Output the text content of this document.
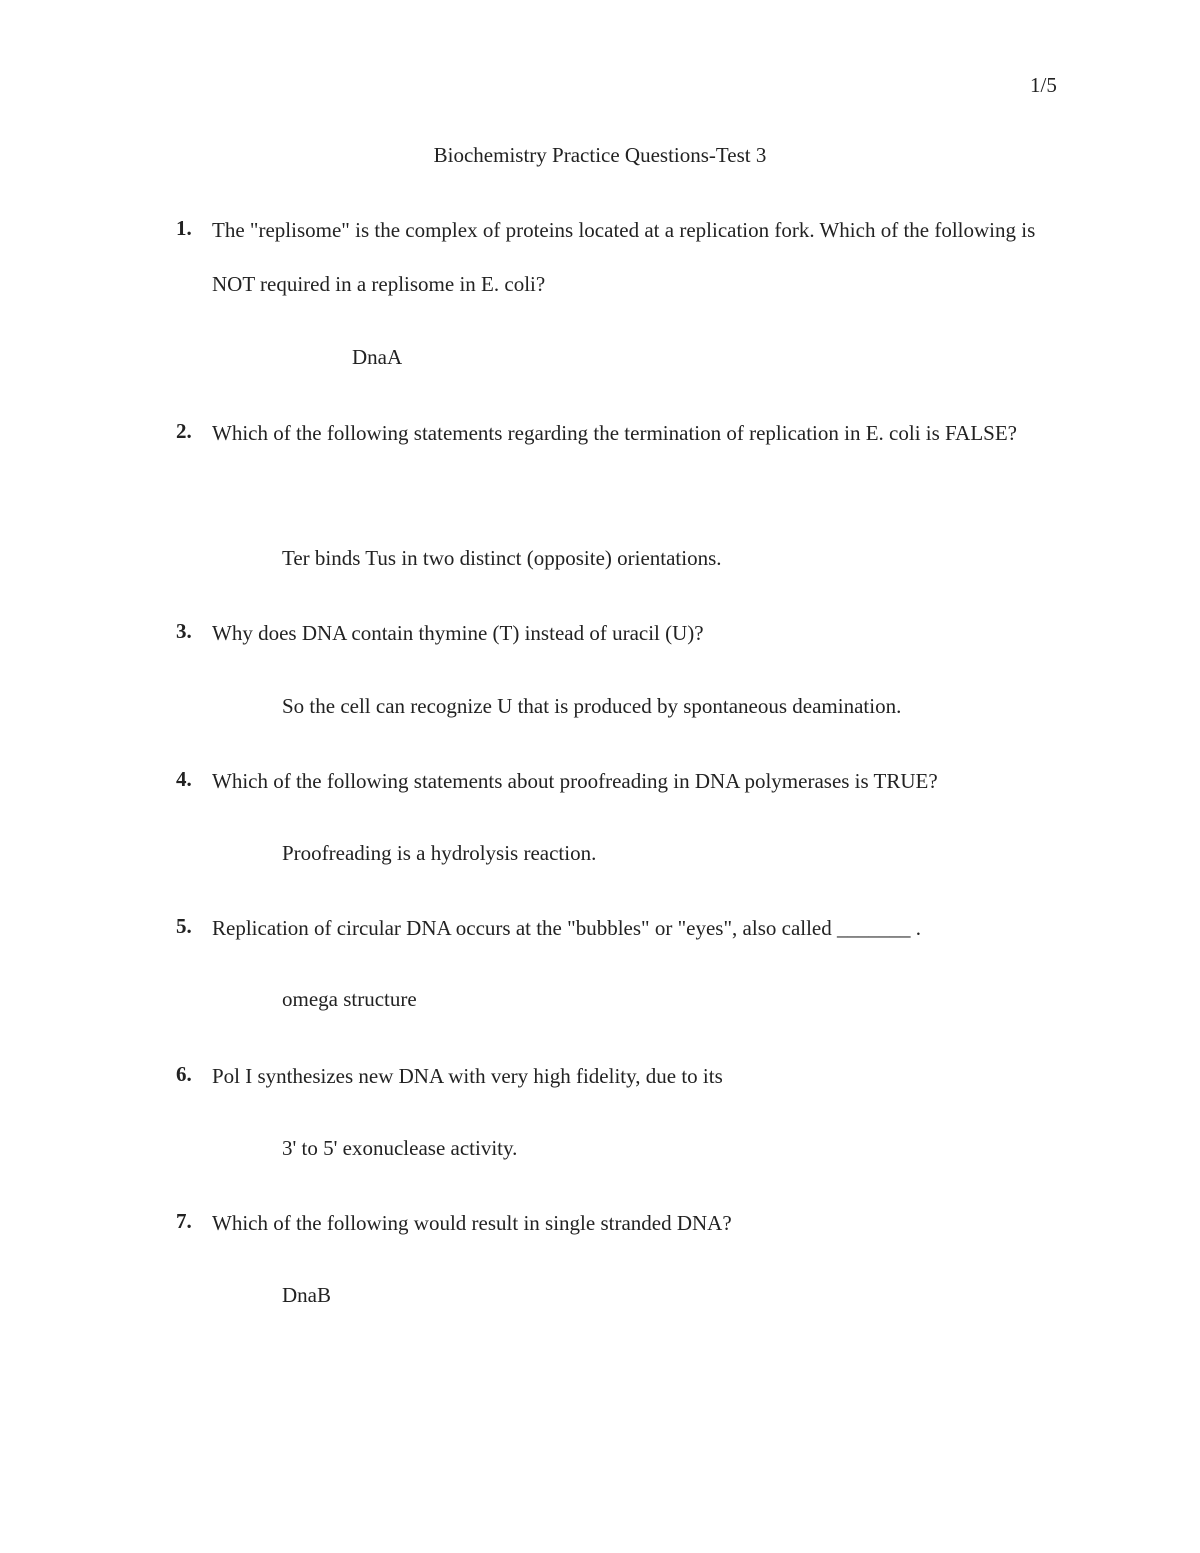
1/5
Biochemistry Practice Questions-Test 3
1. The "replisome" is the complex of proteins located at a replication fork. Which of the following is NOT required in a replisome in E. coli?
DnaA
2. Which of the following statements regarding the termination of replication in E. coli is FALSE?
Ter binds Tus in two distinct (opposite) orientations.
3. Why does DNA contain thymine (T) instead of uracil (U)?
So the cell can recognize U that is produced by spontaneous deamination.
4. Which of the following statements about proofreading in DNA polymerases is TRUE?
Proofreading is a hydrolysis reaction.
5. Replication of circular DNA occurs at the "bubbles" or "eyes", also called _______ .
omega structure
6. Pol I synthesizes new DNA with very high fidelity, due to its
3' to 5' exonuclease activity.
7. Which of the following would result in single stranded DNA?
DnaB
